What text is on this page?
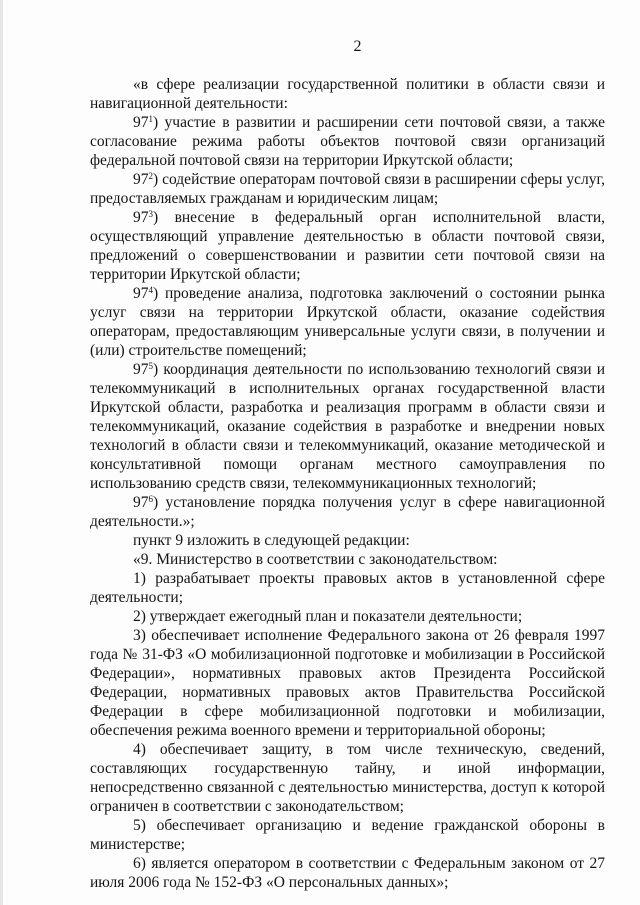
2

«в сфере реализации государственной политики в области связи и навигационной деятельности:

$97^1$) участие в развитии и расширении сети почтовой связи, а также согласование режима работы объектов почтовой связи организаций федеральной почтовой связи на территории Иркутской области;

$97^2$) содействие операторам почтовой связи в расширении сферы услуг, предоставляемых гражданам и юридическим лицам;

$97^3$) внесение в федеральный орган исполнительной власти, осуществляющий управление деятельностью в области почтовой связи, предложений о совершенствовании и развитии сети почтовой связи на территории Иркутской области;

$97^4$) проведение анализа, подготовка заключений о состоянии рынка услуг связи на территории Иркутской области, оказание содействия операторам, предоставляющим универсальные услуги связи, в получении и (или) строительстве помещений;

$97^5$) координация деятельности по использованию технологий связи и телекоммуникаций в исполнительных органах государственной власти Иркутской области, разработка и реализация программ в области связи и телекоммуникаций, оказание содействия в разработке и внедрении новых технологий в области связи и телекоммуникаций, оказание методической и консультативной помощи органам местного самоуправления по использованию средств связи, телекоммуникационных технологий;

$97^6$) установление порядка получения услуг в сфере навигационной деятельности.»;

пункт 9 изложить в следующей редакции:

«9. Министерство в соответствии с законодательством:

1) разрабатывает проекты правовых актов в установленной сфере деятельности;

2) утверждает ежегодный план и показатели деятельности;

3) обеспечивает исполнение Федерального закона от 26 февраля 1997 года № 31-ФЗ «О мобилизационной подготовке и мобилизации в Российской Федерации», нормативных правовых актов Президента Российской Федерации, нормативных правовых актов Правительства Российской Федерации в сфере мобилизационной подготовки и мобилизации, обеспечения режима военного времени и территориальной обороны;

4) обеспечивает защиту, в том числе техническую, сведений, составляющих государственную тайну, и иной информации, непосредственно связанной с деятельностью министерства, доступ к которой ограничен в соответствии с законодательством;

5) обеспечивает организацию и ведение гражданской обороны в министерстве;

6) является оператором в соответствии с Федеральным законом от 27 июля 2006 года № 152-ФЗ «О персональных данных»;
